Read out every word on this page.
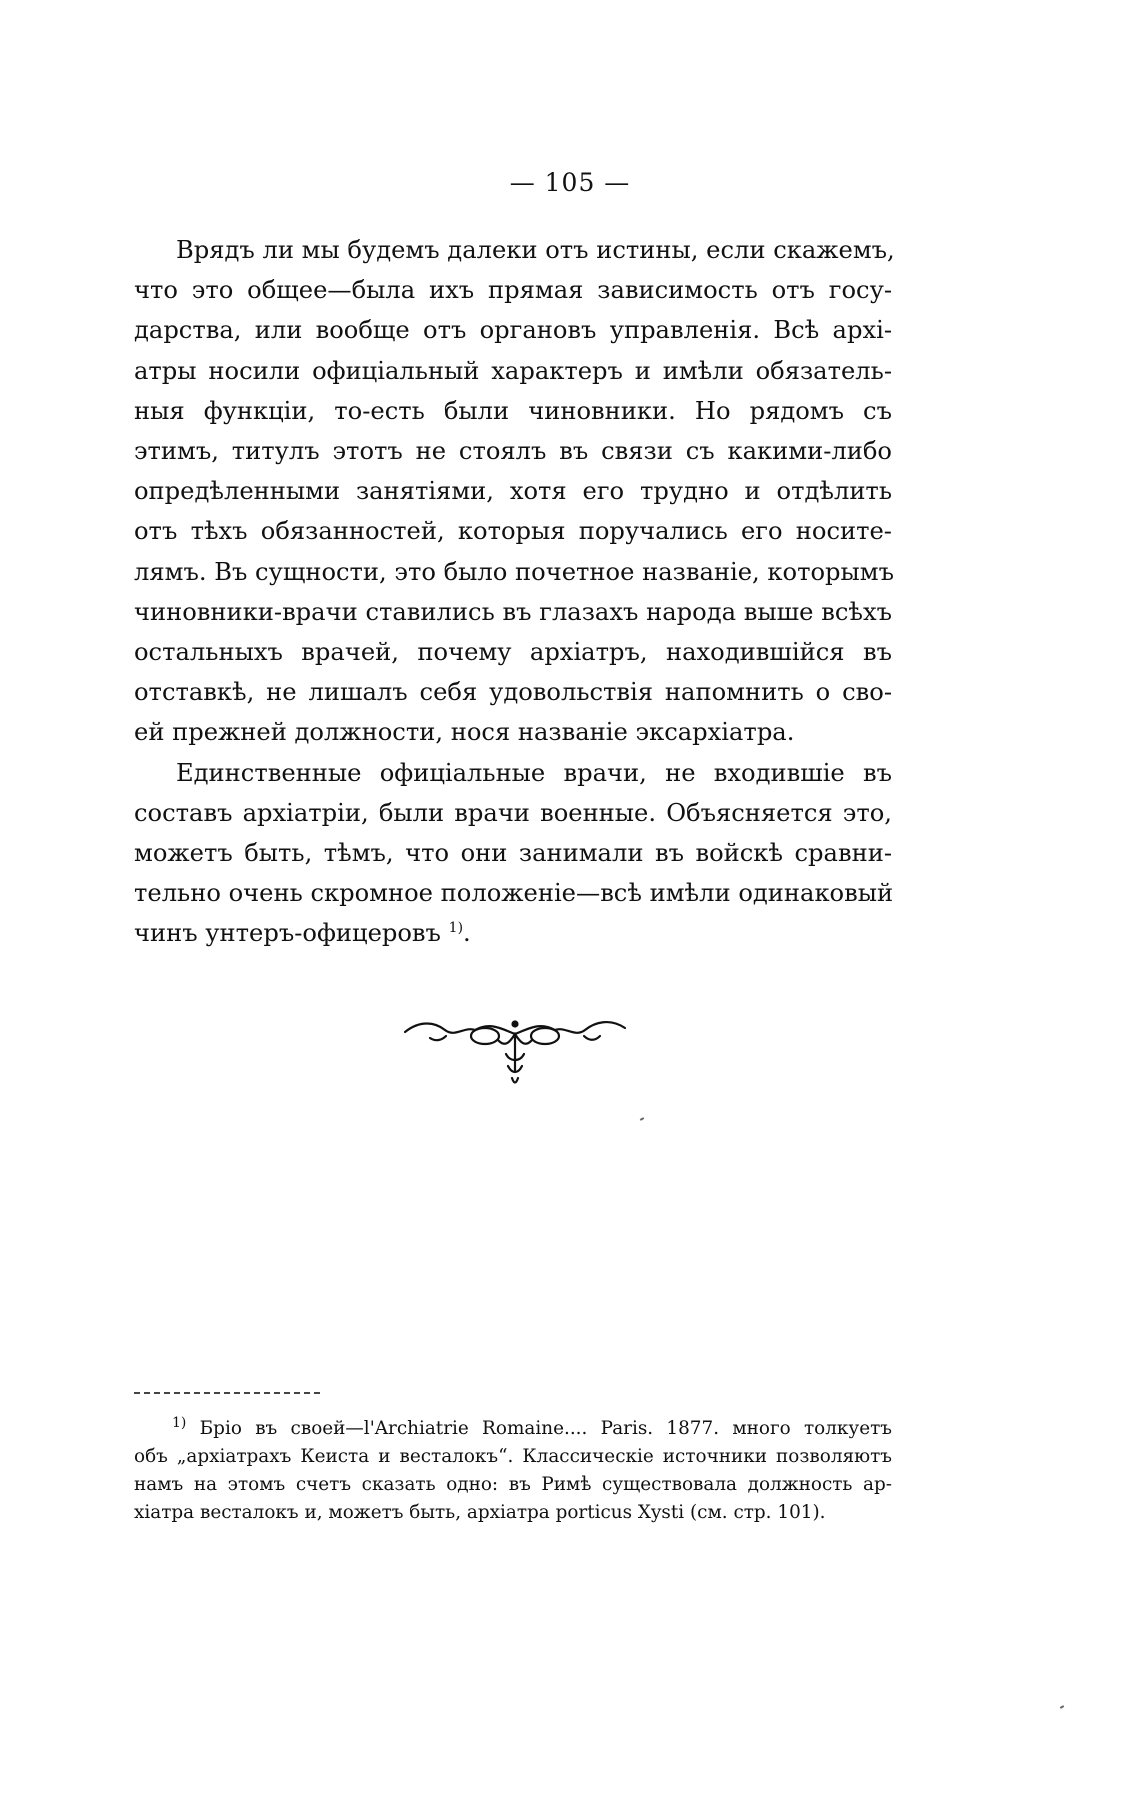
— 105 —
Врядъ ли мы будемъ далеки отъ истины, если скажемъ,
что это общее—была ихъ прямая зависимость отъ госу-
дарства, или вообще отъ органовъ управленія. Всѣ архі-
атры носили офиціальный характеръ и имѣли обязатель-
ныя функціи, то-есть были чиновники. Но рядомъ съ
этимъ, титулъ этотъ не стоялъ въ связи съ какими-либо
опредѣленными занятіями, хотя его трудно и отдѣлить
отъ тѣхъ обязанностей, которыя поручались его носите-
лямъ. Въ сущности, это было почетное названіе, которымъ
чиновники-врачи ставились въ глазахъ народа выше всѣхъ
остальныхъ врачей, почему архіатръ, находившійся въ
отставкѣ, не лишалъ себя удовольствія напомнить о сво-
ей прежней должности, нося названіе эксархіатра.
Единственные офиціальные врачи, не входившіе въ
составъ архіатріи, были врачи военные. Объясняется это,
можетъ быть, тѣмъ, что они занимали въ войскѣ сравни-
тельно очень скромное положеніе—всѣ имѣли одинаковый
чинъ унтеръ-офицеровъ $^{1)}$.
$^{1)}$ Бріо въ своей—l'Archiatrie Romaine.... Paris. 1877. много толкуетъ
объ „архіатрахъ Кеиста и весталокъ“. Классическіе источники позволяютъ
намъ на этомъ счетъ сказать одно: въ Римѣ существовала должность ар-
хіатра весталокъ и, можетъ быть, архіатра porticus Xysti (см. стр. 101).
